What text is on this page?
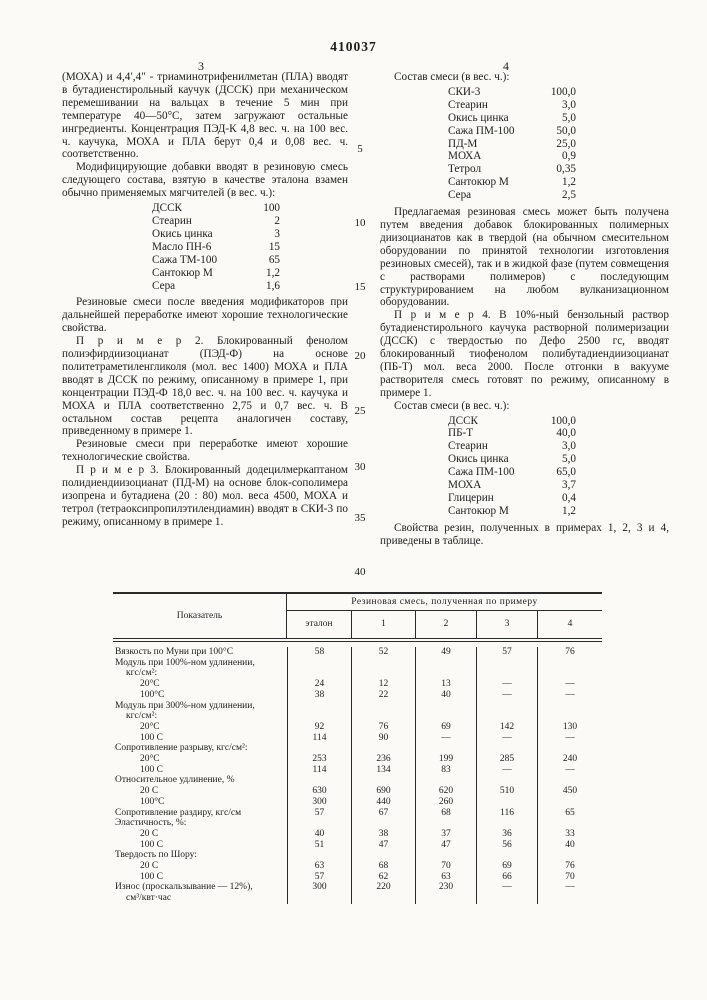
410037
3	4
5
10
15
20
25
30
35
40

(МОХА) и 4,4′,4″ - триаминотрифенилметан (ПЛА) вводят в бутадиенстирольный каучук (ДССК) при механическом перемешивании на вальцах в течение 5 мин при температуре 40—50°С, затем загружают остальные ингредиенты. Концентрация ПЭД-К 4,8 вес. ч. на 100 вес. ч. каучука, МОХА и ПЛА берут 0,4 и 0,08 вес. ч. соответственно.

Модифицирующие добавки вводят в резиновую смесь следующего состава, взятую в качестве эталона взамен обычно применяемых мягчителей (в вес. ч.):

ДССК	100
Стеарин	2
Окись цинка	3
Масло ПН-6	15
Сажа ТМ-100	65
Сантокюр М	1,2
Сера	1,6

Резиновые смеси после введения модификаторов при дальнейшей переработке имеют хорошие технологические свойства.

П р и м е р 2. Блокированный фенолом полиэфирдиизоцианат (ПЭД-Ф) на основе политетраметиленгликоля (мол. вес 1400) МОХА и ПЛА вводят в ДССК по режиму, описанному в примере 1, при концентрации ПЭД-Ф 18,0 вес. ч. на 100 вес. ч. каучука и МОХА и ПЛА соответственно 2,75 и 0,7 вес. ч. В остальном состав рецепта аналогичен составу, приведенному в примере 1.

Резиновые смеси при переработке имеют хорошие технологические свойства.

П р и м е р 3. Блокированный додецилмеркаптаном полидиендиизоцианат (ПД-М) на основе блок-сополимера изопрена и бутадиена (20 : 80) мол. веса 4500, МОХА и тетрол (тетраоксипропилэтилендиамин) вводят в СКИ-3 по режиму, описанному в примере 1.

Состав смеси (в вес. ч.):

СКИ-3	100,0
Стеарин	3,0
Окись цинка	5,0
Сажа ПМ-100	50,0
ПД-М	25,0
МОХА	0,9
Тетрол	0,35
Сантокюр М	1,2
Сера	2,5

Предлагаемая резиновая смесь может быть получена путем введения добавок блокированных полимерных диизоцианатов как в твердой (на обычном смесительном оборудовании по принятой технологии изготовления резиновых смесей), так и в жидкой фазе (путем совмещения с растворами полимеров) с последующим структурированием на любом вулканизационном оборудовании.

П р и м е р 4. В 10%-ный бензольный раствор бутадиенстирольного каучука растворной полимеризации (ДССК) с твердостью по Дефо 2500 гс, вводят блокированный тиофенолом полибутадиендиизоцианат (ПБ-Т) мол. веса 2000. После отгонки в вакууме растворителя смесь готовят по режиму, описанному в примере 1.

Состав смеси (в вес. ч.):

ДССК	100,0
ПБ-Т	40,0
Стеарин	3,0
Окись цинка	5,0
Сажа ПМ-100	65,0
МОХА	3,7
Глицерин	0,4
Сантокюр М	1,2

Свойства резин, полученных в примерах 1, 2, 3 и 4, приведены в таблице.

Показатель
Резиновая смесь, полученная по примеру
эталон	1	2	3	4
Вязкость по Муни при 100°С	58	52	49	57	76
Модуль при 100%-ном удлинении,
кгс/см²:
20°С	24	12	13	—	—
100°С	38	22	40	—	—
Модуль при 300%-ном удлинении,
кгс/см²:
20°С	92	76	69	142	130
100 С	114	90	—	—	—
Сопротивление разрыву, кгс/см²:
20°С	253	236	199	285	240
100 С	114	134	83	—	—
Относительное удлинение, %
20 С	630	690	620	510	450
100°С	300	440	260
Сопротивление раздиру, кгс/см	57	67	68	116	65
Эластичность, %:
20 С	40	38	37	36	33
100 С	51	47	47	56	40
Твердость по Шору:
20 С	63	68	70	69	76
100 С	57	62	63	66	70
Износ (проскальзывание — 12%),	300	220	230	—	—
см³/квт·час
